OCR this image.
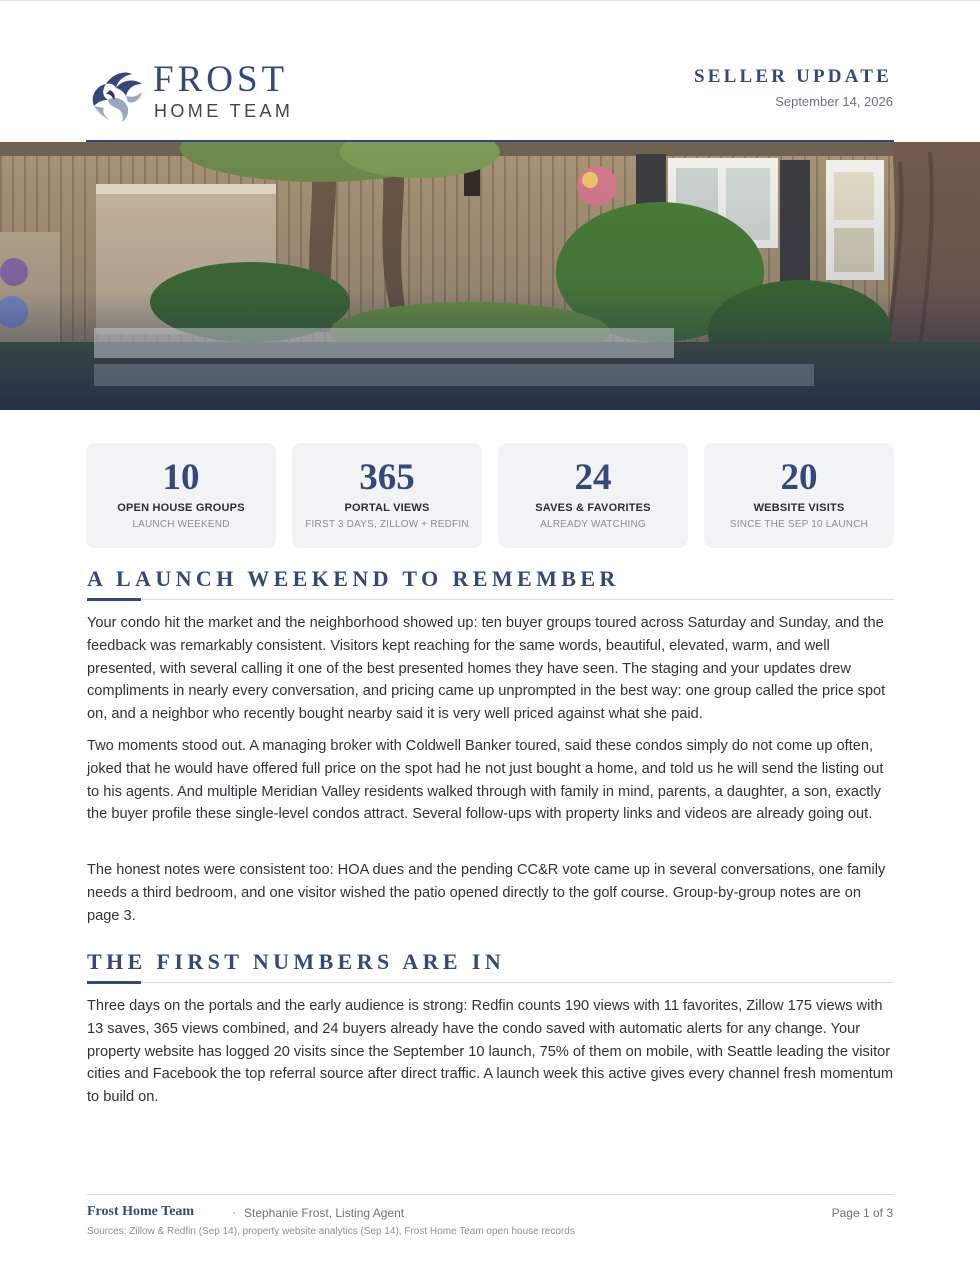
FROST
HOME TEAM
SELLER UPDATE
September 14, 2026
10
OPEN HOUSE GROUPS
LAUNCH WEEKEND
365
PORTAL VIEWS
FIRST 3 DAYS, ZILLOW + REDFIN
24
SAVES & FAVORITES
ALREADY WATCHING
20
WEBSITE VISITS
SINCE THE SEP 10 LAUNCH
A LAUNCH WEEKEND TO REMEMBER

Your condo hit the market and the neighborhood showed up: ten buyer groups toured across Saturday and Sunday, and the feedback was remarkably consistent. Visitors kept reaching for the same words, beautiful, elevated, warm, and well presented, with several calling it one of the best presented homes they have seen. The staging and your updates drew compliments in nearly every conversation, and pricing came up unprompted in the best way: one group called the price spot on, and a neighbor who recently bought nearby said it is very well priced against what she paid.

Two moments stood out. A managing broker with Coldwell Banker toured, said these condos simply do not come up often, joked that he would have offered full price on the spot had he not just bought a home, and told us he will send the listing out to his agents. And multiple Meridian Valley residents walked through with family in mind, parents, a daughter, a son, exactly the buyer profile these single-level condos attract. Several follow-ups with property links and videos are already going out.

The honest notes were consistent too: HOA dues and the pending CC&R vote came up in several conversations, one family needs a third bedroom, and one visitor wished the patio opened directly to the golf course. Group-by-group notes are on page 3.

THE FIRST NUMBERS ARE IN

Three days on the portals and the early audience is strong: Redfin counts 190 views with 11 favorites, Zillow 175 views with 13 saves, 365 views combined, and 24 buyers already have the condo saved with automatic alerts for any change. Your property website has logged 20 visits since the September 10 launch, 75% of them on mobile, with Seattle leading the visitor cities and Facebook the top referral source after direct traffic. A launch week this active gives every channel fresh momentum to build on.

Frost Home Team	· Stephanie Frost, Listing Agent	Page 1 of 3
Sources: Zillow & Redfin (Sep 14), property website analytics (Sep 14), Frost Home Team open house records
